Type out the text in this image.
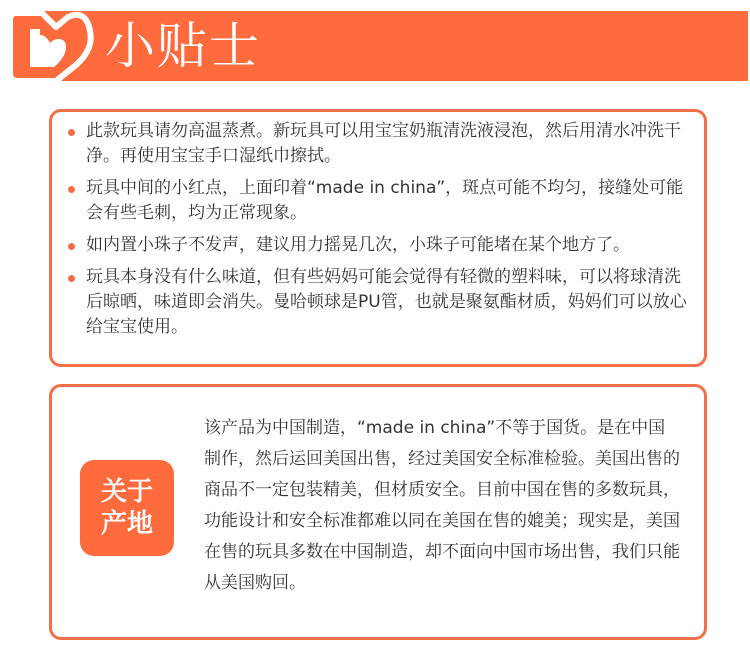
小贴士
此款玩具请勿高温蒸煮。新玩具可以用宝宝奶瓶清洗液浸泡，然后用清水冲洗干净。再使用宝宝手口湿纸巾擦拭。
玩具中间的小红点，上面印着“made in china”，斑点可能不均匀，接缝处可能会有些毛刺，均为正常现象。
如内置小珠子不发声，建议用力摇晃几次，小珠子可能堵在某个地方了。
玩具本身没有什么味道，但有些妈妈可能会觉得有轻微的塑料味，可以将球清洗后晾晒，味道即会消失。曼哈顿球是PU管，也就是聚氨酯材质，妈妈们可以放心给宝宝使用。
关于产地
该产品为中国制造，“made in china”不等于国货。是在中国制作，然后运回美国出售，经过美国安全标准检验。美国出售的商品不一定包装精美，但材质安全。目前中国在售的多数玩具，功能设计和安全标准都难以同在美国在售的媲美；现实是，美国在售的玩具多数在中国制造，却不面向中国市场出售，我们只能从美国购回。
